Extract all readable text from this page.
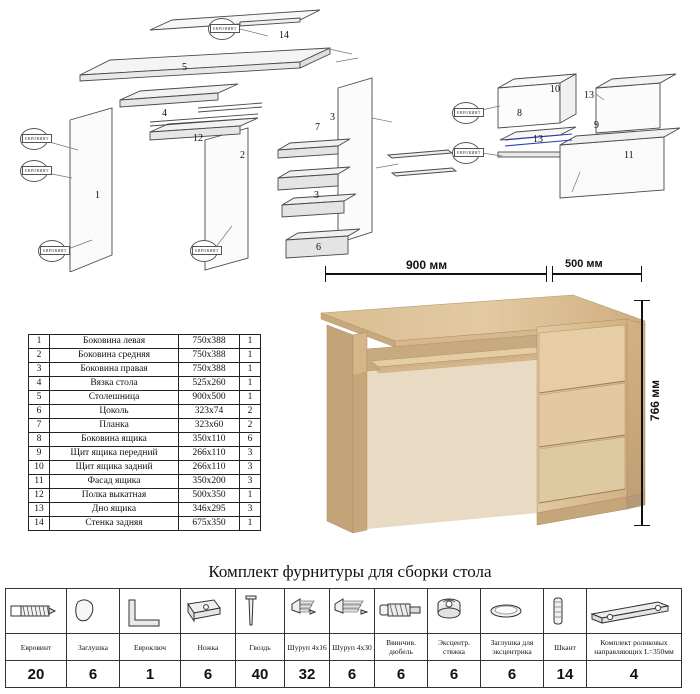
ЕВРОВИНТ
ЕВРОВИНТ
ЕВРОВИНТ	ЕВРОВИНТ
ЕВРОВИНТ
ЕВРОВИНТ
ЕВРОВИНТ
1
2
3
4
5
6
7
8
9
10
11
12	13
14
3
13
1	Боковина левая	750x388	1
2	Боковина средняя	750x388	1
3	Боковина правая	750x388	1
4	Вязка стола	525x260	1
5	Столешница	900x500	1
6	Цоколь	323x74	2
7	Планка	323x60	2
8	Боковина ящика	350x110	6
9	Щит ящика передний	266x110	3
10	Щит ящика задний	266x110	3
11	Фасад ящика	350x200	3
12	Полка выкатная	500x350	1
13	Дно ящика	346x295	3
14	Стенка задняя	675x350	1
900 мм	500 мм
766 мм
Комплект фурнитуры для сборки стола

Евровинт	Заглушка	Евроключ	Ножка	Гвоздь	Шуруп 4х16	Шуруп 4х30	Ввинчив. дюбель	Эксцентр. стяжка	Заглушка для эксцентрика	Шкант	Комплект роликовых направляющих L=350мм
20	6	1	6	40	32	6	6	6	6	14	4
